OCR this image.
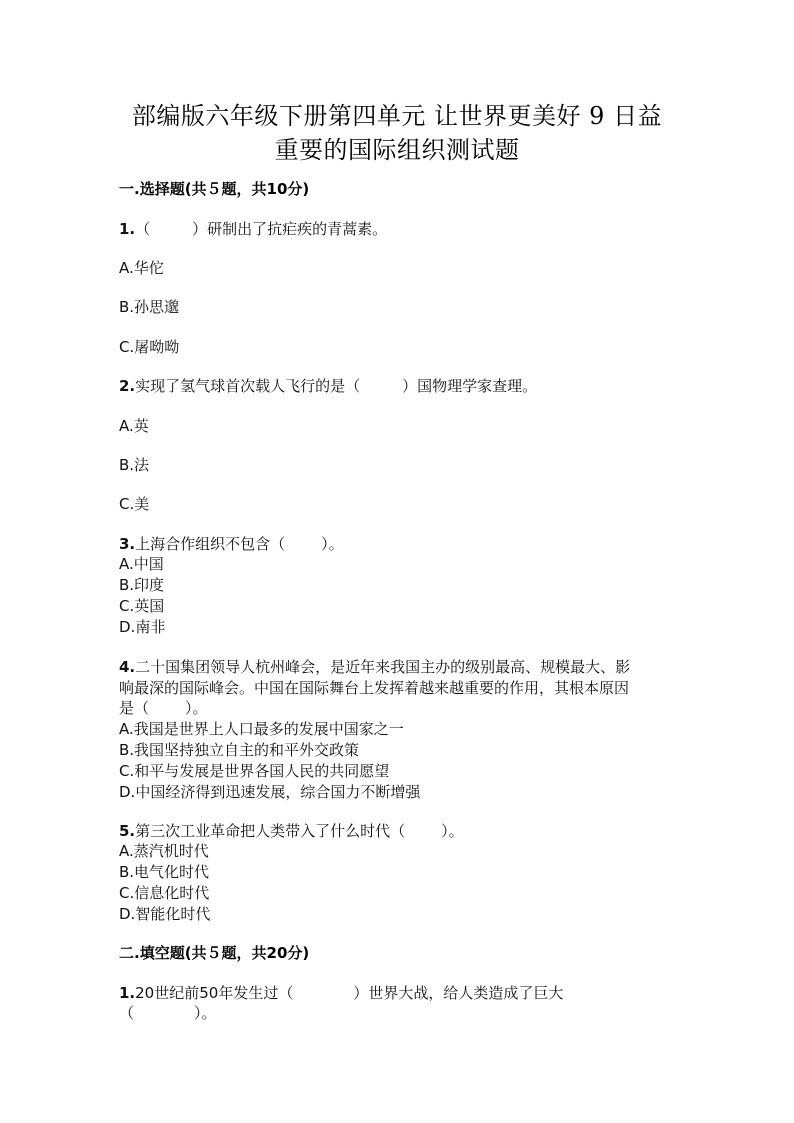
部编版六年级下册第四单元 让世界更美好 9 日益
重要的国际组织测试题
一.选择题(共５题，共10分)
1.（	）研制出了抗疟疾的青蒿素。
A.华佗
B.孙思邈
C.屠呦呦
2.实现了氢气球首次载人飞行的是（	）国物理学家查理。
A.英
B.法
C.美
3.上海合作组织不包含（ ）。
A.中国
B.印度
C.英国
D.南非
4.二十国集团领导人杭州峰会，是近年来我国主办的级别最高、规模最大、影
响最深的国际峰会。中国在国际舞台上发挥着越来越重要的作用，其根本原因
是（ ）。
A.我国是世界上人口最多的发展中国家之一
B.我国坚持独立自主的和平外交政策
C.和平与发展是世界各国人民的共同愿望
D.中国经济得到迅速发展，综合国力不断增强
5.第三次工业革命把人类带入了什么时代（ ）。
A.蒸汽机时代
B.电气化时代
C.信息化时代
D.智能化时代
二.填空题(共５题，共20分)
1.20世纪前50年发生过（	）世界大战，给人类造成了巨大
（	）。
